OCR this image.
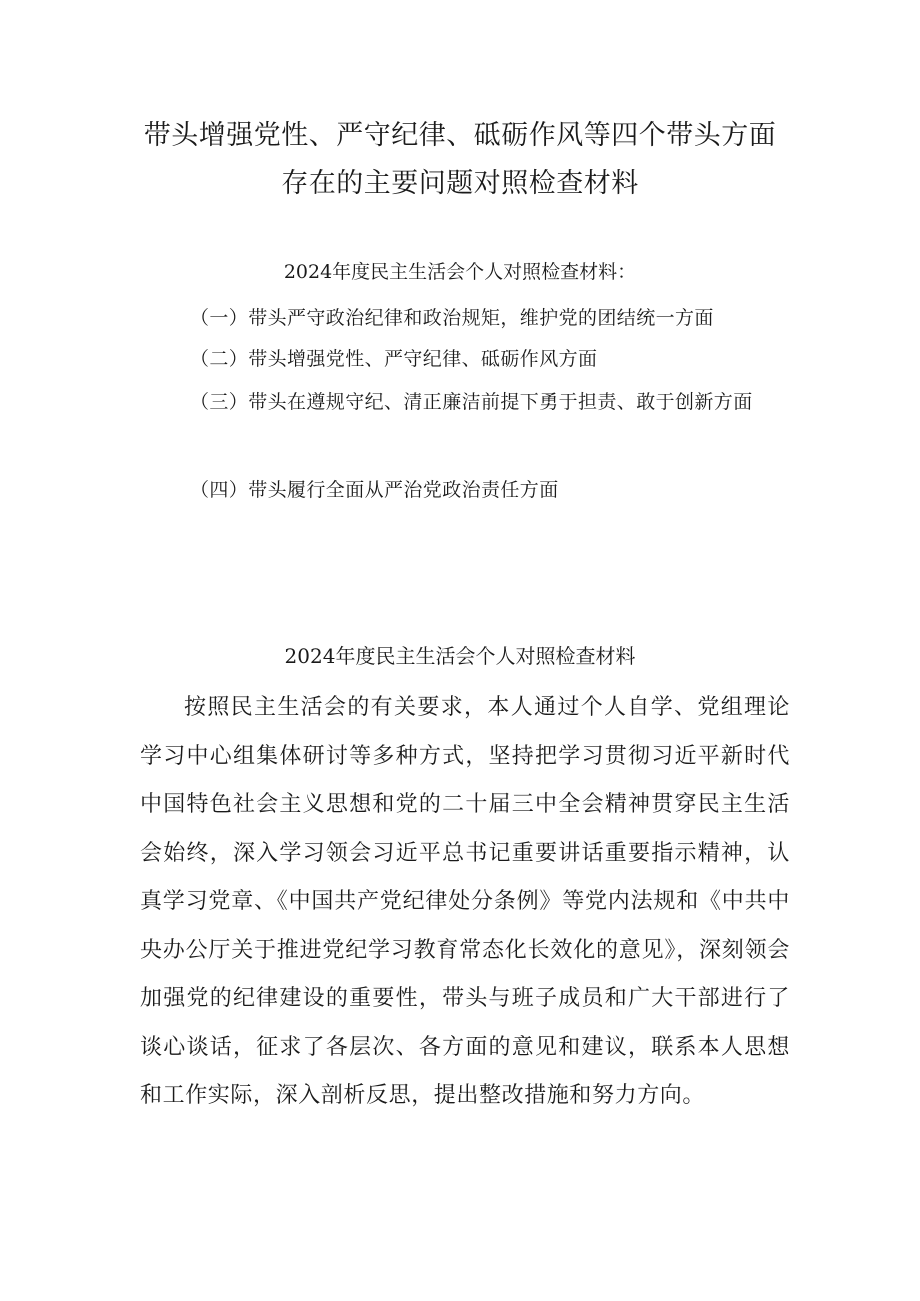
带头增强党性、严守纪律、砥砺作风等四个带头方面
存在的主要问题对照检查材料
2024年度民主生活会个人对照检查材料：
（一）带头严守政治纪律和政治规矩，维护党的团结统一方面
（二）带头增强党性、严守纪律、砥砺作风方面
（三）带头在遵规守纪、清正廉洁前提下勇于担责、敢于创新方面
（四）带头履行全面从严治党政治责任方面
2024年度民主生活会个人对照检查材料
按照民主生活会的有关要求，本人通过个人自学、党组理论学习中心组集体研讨等多种方式，坚持把学习贯彻习近平新时代中国特色社会主义思想和党的二十届三中全会精神贯穿民主生活会始终，深入学习领会习近平总书记重要讲话重要指示精神，认真学习党章、《中国共产党纪律处分条例》等党内法规和《中共中央办公厅关于推进党纪学习教育常态化长效化的意见》，深刻领会加强党的纪律建设的重要性，带头与班子成员和广大干部进行了谈心谈话，征求了各层次、各方面的意见和建议，联系本人思想和工作实际，深入剖析反思，提出整改措施和努力方向。
